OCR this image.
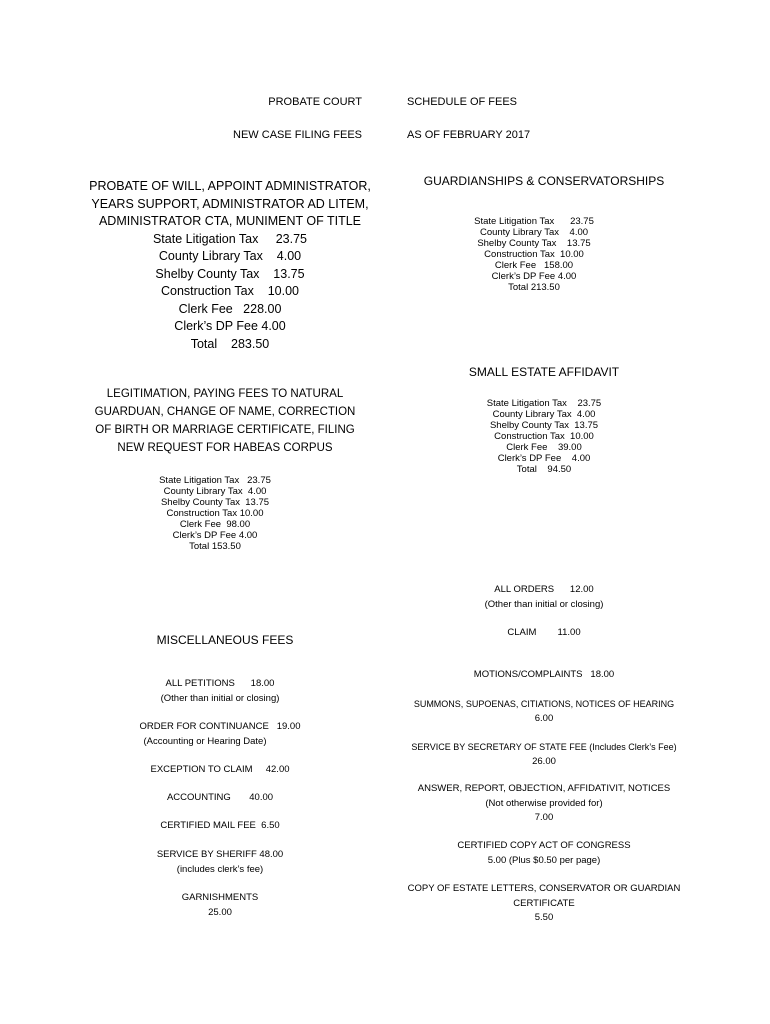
PROBATE COURT
NEW CASE FILING FEES
SCHEDULE OF FEES
AS OF FEBRUARY 2017
PROBATE OF WILL, APPOINT ADMINISTRATOR,
YEARS SUPPORT, ADMINISTRATOR AD LITEM,
ADMINISTRATOR CTA, MUNIMENT OF TITLE
State Litigation Tax     23.75
County Library Tax    4.00
Shelby County Tax    13.75
Construction Tax    10.00
Clerk Fee   228.00
Clerk’s DP Fee 4.00
Total    283.50
GUARDIANSHIPS & CONSERVATORSHIPS
State Litigation Tax      23.75
County Library Tax    4.00
Shelby County Tax    13.75
Construction Tax  10.00
Clerk Fee   158.00
Clerk’s DP Fee 4.00
Total 213.50
SMALL ESTATE AFFIDAVIT
State Litigation Tax    23.75
County Library Tax  4.00
Shelby County Tax  13.75
Construction Tax  10.00
Clerk Fee    39.00
Clerk’s DP Fee    4.00
Total    94.50
LEGITIMATION, PAYING FEES TO NATURAL
GUARDUAN, CHANGE OF NAME, CORRECTION
OF BIRTH OR MARRIAGE CERTIFICATE, FILING
NEW REQUEST FOR HABEAS CORPUS
State Litigation Tax   23.75
County Library Tax  4.00
Shelby County Tax  13.75
Construction Tax 10.00
Clerk Fee  98.00
Clerk’s DP Fee 4.00
Total 153.50
ALL ORDERS      12.00
(Other than initial or closing)
CLAIM        11.00
MISCELLANEOUS FEES
ALL PETITIONS      18.00
(Other than initial or closing)
ORDER FOR CONTINUANCE   19.00
(Accounting or Hearing Date)
EXCEPTION TO CLAIM     42.00
ACCOUNTING       40.00
CERTIFIED MAIL FEE  6.50
SERVICE BY SHERIFF 48.00
(includes clerk’s fee)
GARNISHMENTS
25.00
MOTIONS/COMPLAINTS   18.00
SUMMONS, SUPOENAS, CITIATIONS, NOTICES OF HEARING
6.00
SERVICE BY SECRETARY OF STATE FEE (Includes Clerk’s Fee)
26.00
ANSWER, REPORT, OBJECTION, AFFIDATIVIT, NOTICES
(Not otherwise provided for)
7.00
CERTIFIED COPY ACT OF CONGRESS
5.00 (Plus $0.50 per page)
COPY OF ESTATE LETTERS, CONSERVATOR OR GUARDIAN
CERTIFICATE
5.50
